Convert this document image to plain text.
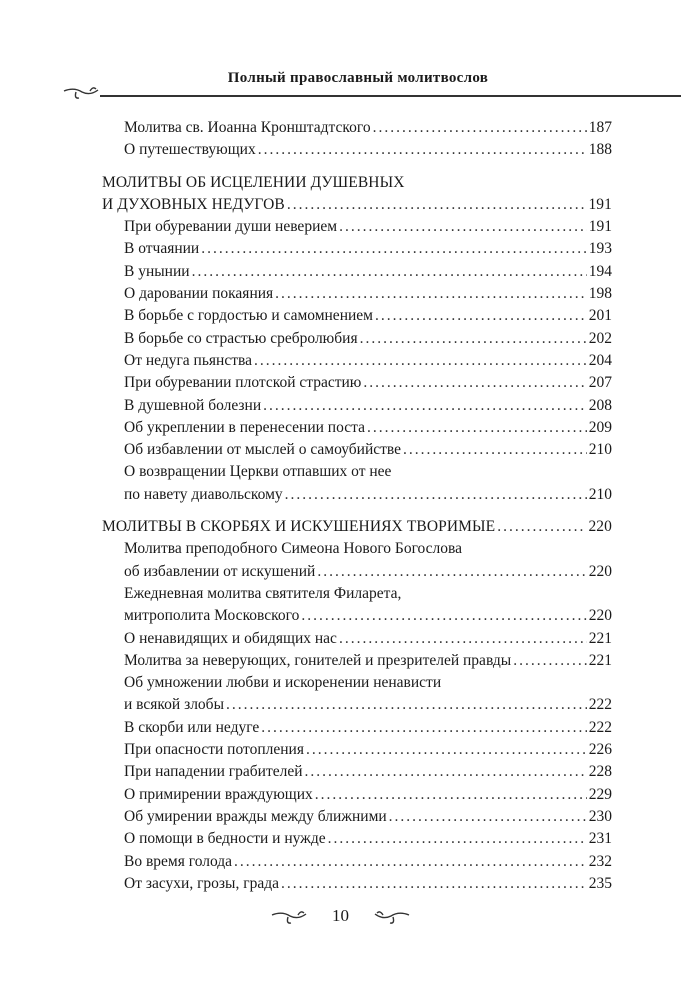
Полный православный молитвослов
Молитва св. Иоанна Кронштадтского .....	187
О путешествующих .....	188
МОЛИТВЫ ОБ ИСЦЕЛЕНИИ ДУШЕВНЫХ
И ДУХОВНЫХ НЕДУГОВ .....	191
При обуревании души неверием .....	191
В отчаянии .....	193
В унынии .....	194
О даровании покаяния .....	198
В борьбе с гордостью и самомнением .....	201
В борьбе со страстью сребролюбия .....	202
От недуга пьянства .....	204
При обуревании плотской страстию .....	207
В душевной болезни .....	208
Об укреплении в перенесении поста .....	209
Об избавлении от мыслей о самоубийстве .....	210
О возвращении Церкви отпавших от нее
по навету диавольскому .....	210
МОЛИТВЫ В СКОРБЯХ И ИСКУШЕНИЯХ ТВОРИМЫЕ .....	220
Молитва преподобного Симеона Нового Богослова
об избавлении от искушений .....	220
Ежедневная молитва святителя Филарета,
митрополита Московского .....	220
О ненавидящих и обидящих нас .....	221
Молитва за неверующих, гонителей и презрителей правды .....	221
Об умножении любви и искоренении ненависти
и всякой злобы .....	222
В скорби или недуге .....	222
При опасности потопления .....	226
При нападении грабителей .....	228
О примирении враждующих .....	229
Об умирении вражды между ближними .....	230
О помощи в бедности и нужде .....	231
Во время голода .....	232
От засухи, грозы, града .....	235
10
